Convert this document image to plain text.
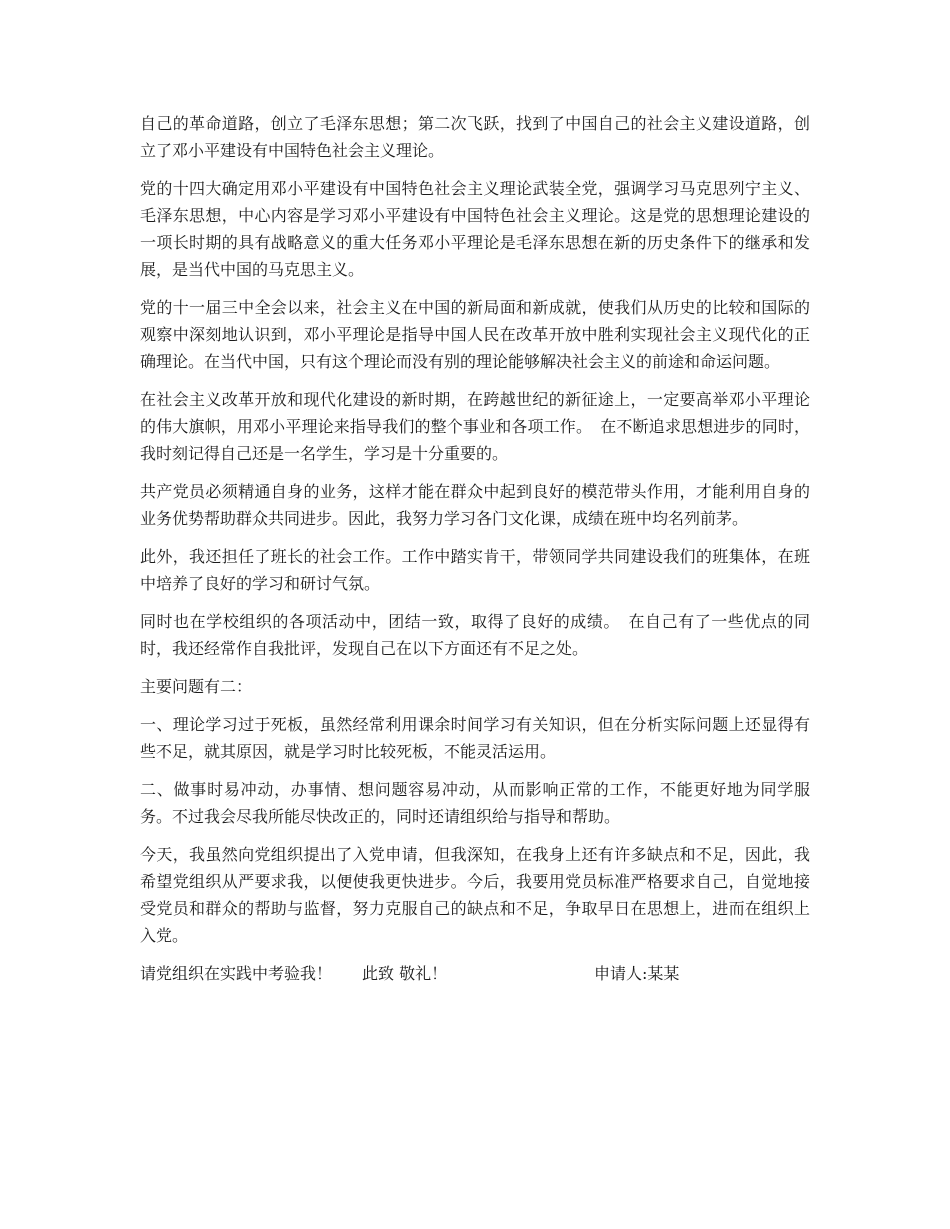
自己的革命道路，创立了毛泽东思想；第二次飞跃，找到了中国自己的社会主义建设道路，创立了邓小平建设有中国特色社会主义理论。

党的十四大确定用邓小平建设有中国特色社会主义理论武装全党，强调学习马克思列宁主义、毛泽东思想，中心内容是学习邓小平建设有中国特色社会主义理论。这是党的思想理论建设的一项长时期的具有战略意义的重大任务邓小平理论是毛泽东思想在新的历史条件下的继承和发展，是当代中国的马克思主义。

党的十一届三中全会以来，社会主义在中国的新局面和新成就，使我们从历史的比较和国际的观察中深刻地认识到，邓小平理论是指导中国人民在改革开放中胜利实现社会主义现代化的正确理论。在当代中国，只有这个理论而没有别的理论能够解决社会主义的前途和命运问题。

在社会主义改革开放和现代化建设的新时期，在跨越世纪的新征途上，一定要高举邓小平理论的伟大旗帜，用邓小平理论来指导我们的整个事业和各项工作。　在不断追求思想进步的同时，我时刻记得自己还是一名学生，学习是十分重要的。

共产党员必须精通自身的业务，这样才能在群众中起到良好的模范带头作用，才能利用自身的业务优势帮助群众共同进步。因此，我努力学习各门文化课，成绩在班中均名列前茅。

此外，我还担任了班长的社会工作。工作中踏实肯干，带领同学共同建设我们的班集体，在班中培养了良好的学习和研讨气氛。

同时也在学校组织的各项活动中，团结一致，取得了良好的成绩。　在自己有了一些优点的同时，我还经常作自我批评，发现自己在以下方面还有不足之处。

主要问题有二：

一、理论学习过于死板，虽然经常利用课余时间学习有关知识，但在分析实际问题上还显得有些不足，就其原因，就是学习时比较死板，不能灵活运用。

二、做事时易冲动，办事情、想问题容易冲动，从而影响正常的工作，不能更好地为同学服务。不过我会尽我所能尽快改正的，同时还请组织给与指导和帮助。

今天，我虽然向党组织提出了入党申请，但我深知，在我身上还有许多缺点和不足，因此，我希望党组织从严要求我，以便使我更快进步。今后，我要用党员标准严格要求自己，自觉地接受党员和群众的帮助与监督，努力克服自己的缺点和不足，争取早日在思想上，进而在组织上入党。

请党组织在实践中考验我！ 此致 敬礼！	申请人:某某
